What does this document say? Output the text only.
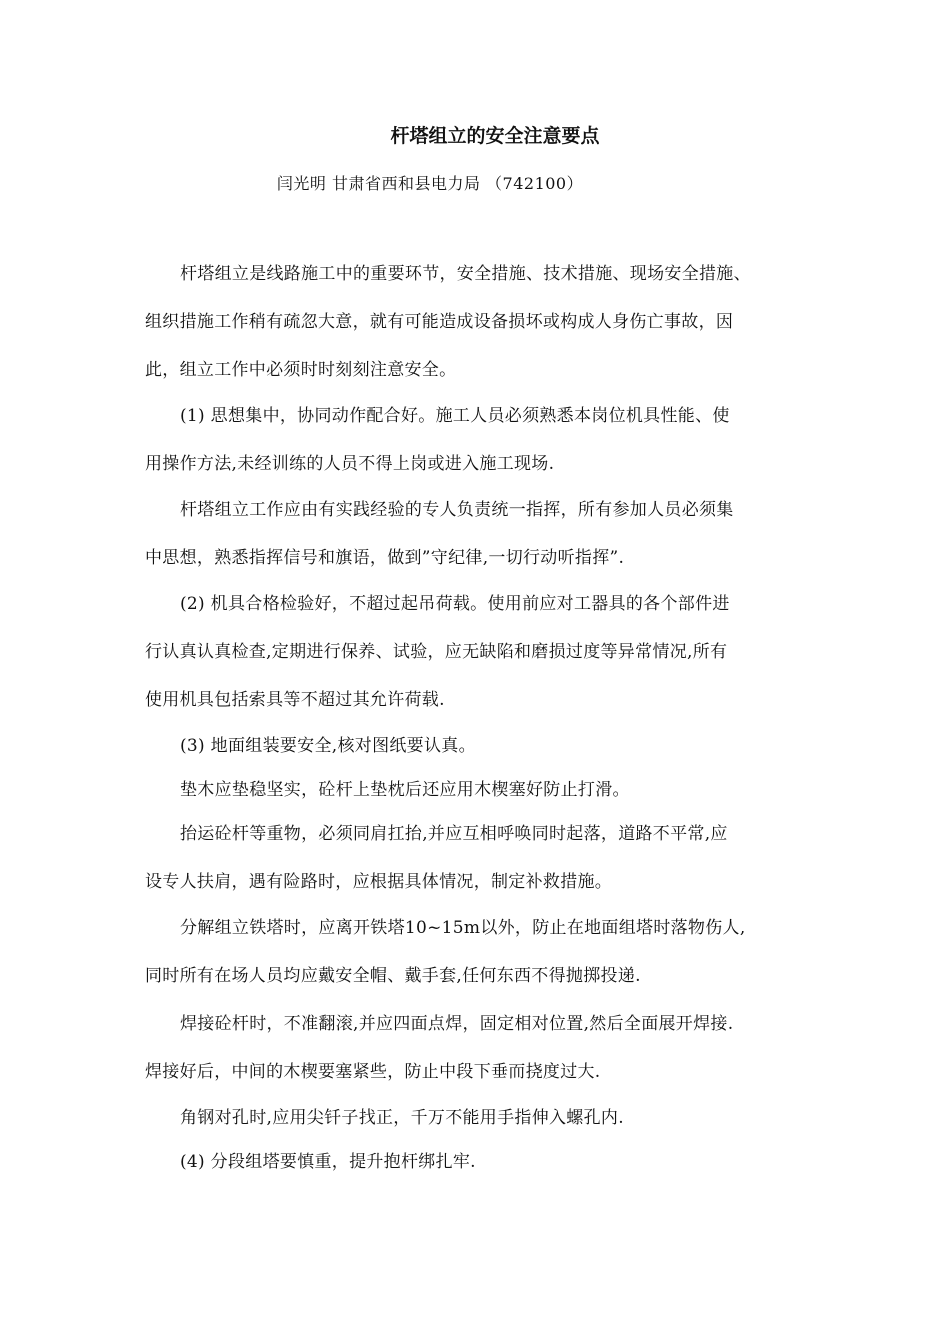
杆塔组立的安全注意要点
闫光明 甘肃省西和县电力局 （742100）
杆塔组立是线路施工中的重要环节，安全措施、技术措施、现场安全措施、
组织措施工作稍有疏忽大意，就有可能造成设备损坏或构成人身伤亡事故，因
此，组立工作中必须时时刻刻注意安全。
(1) 思想集中，协同动作配合好。施工人员必须熟悉本岗位机具性能、使
用操作方法,未经训练的人员不得上岗或进入施工现场.
杆塔组立工作应由有实践经验的专人负责统一指挥，所有参加人员必须集
中思想，熟悉指挥信号和旗语，做到”守纪律,一切行动听指挥”.
(2) 机具合格检验好，不超过起吊荷载。使用前应对工器具的各个部件进
行认真认真检查,定期进行保养、试验，应无缺陷和磨损过度等异常情况,所有
使用机具包括索具等不超过其允许荷载.
(3) 地面组装要安全,核对图纸要认真。
垫木应垫稳坚实，砼杆上垫枕后还应用木楔塞好防止打滑。
抬运砼杆等重物，必须同肩扛抬,并应互相呼唤同时起落，道路不平常,应
设专人扶肩，遇有险路时，应根据具体情况，制定补救措施。
分解组立铁塔时，应离开铁塔10~15m以外，防止在地面组塔时落物伤人,
同时所有在场人员均应戴安全帽、戴手套,任何东西不得抛掷投递.
焊接砼杆时，不准翻滚,并应四面点焊，固定相对位置,然后全面展开焊接.
焊接好后，中间的木楔要塞紧些，防止中段下垂而挠度过大.
角钢对孔时,应用尖钎子找正，千万不能用手指伸入螺孔内.
(4) 分段组塔要慎重，提升抱杆绑扎牢.
